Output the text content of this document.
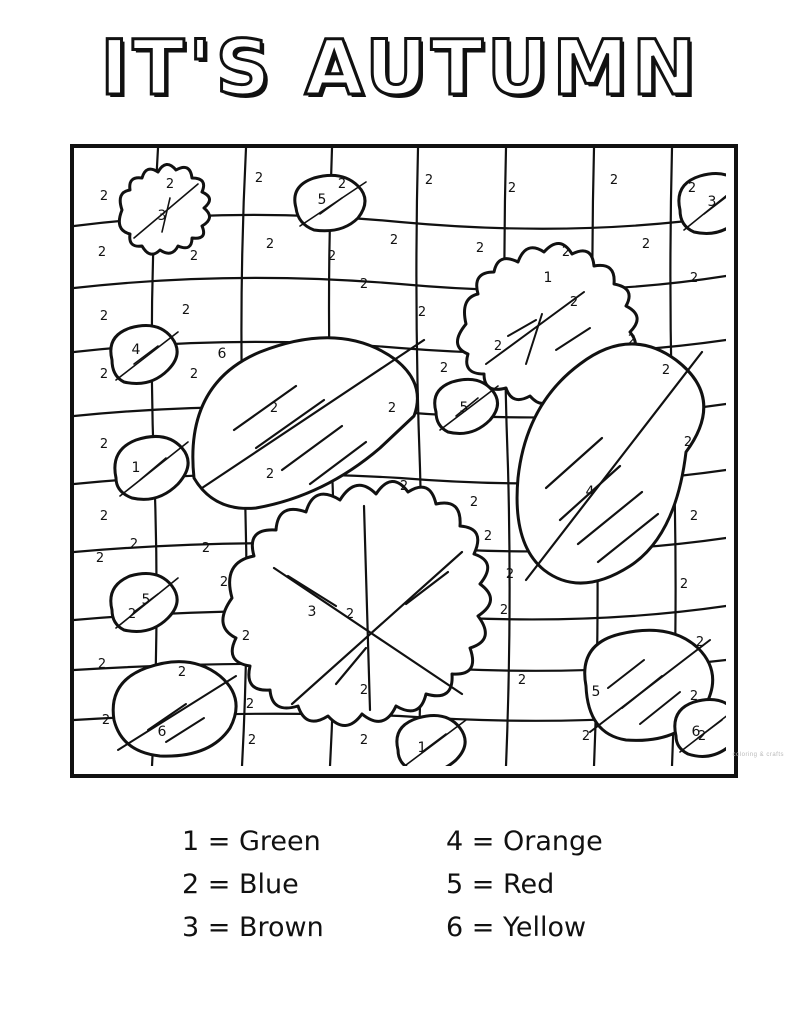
IT'S AUTUMN
2
2	2	2	2
2
2
2
2	2
2
2
2
2	2
2
2
2	2
2
2
2
2
2	2	2
2
2
2
2	2
2
2
2
2
2
2
2
2	2
2
2
2
2
2
2
2	2
2
2
2
2
2
2
2
2
2	2	2	2
3
5	3
1
4	6
5
1
4
3
5
5
6
1
6
coloring & crafts
1 = Green	4 = Orange
2 = Blue	5 = Red
3 = Brown	6 = Yellow
